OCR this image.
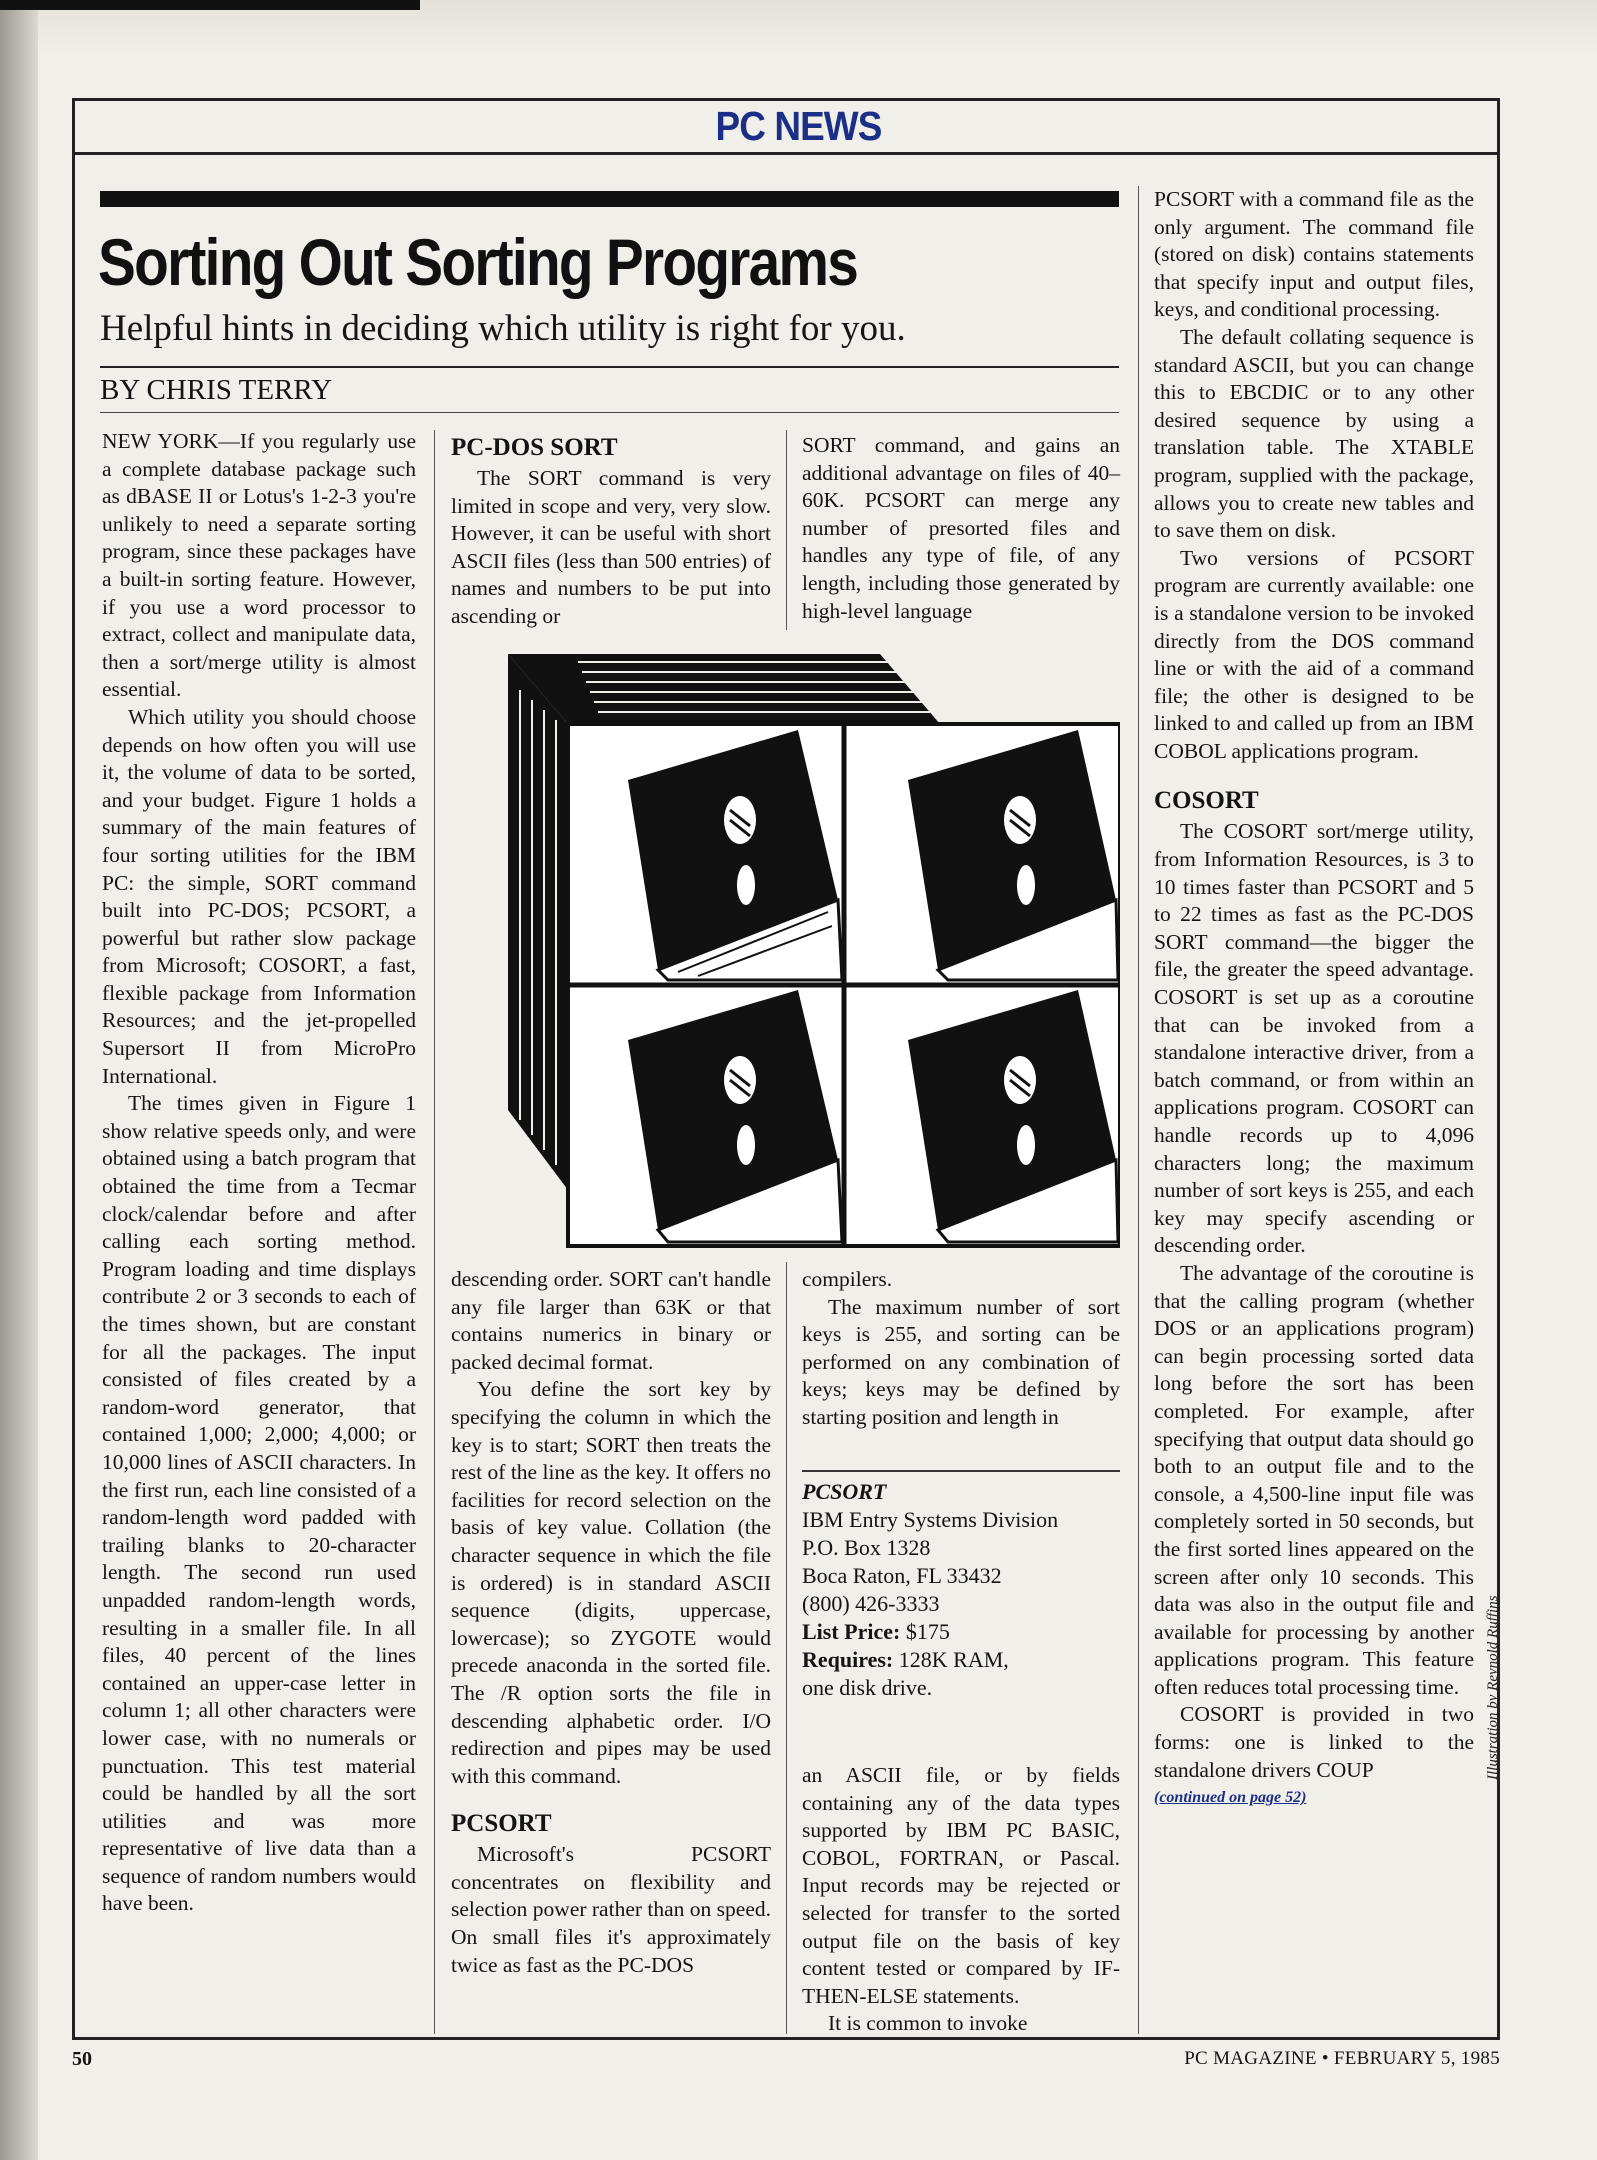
PC NEWS
Sorting Out Sorting Programs
Helpful hints in deciding which utility is right for you.
BY CHRIS TERRY

NEW YORK—If you regularly use a complete database package such as dBASE II or Lotus's 1-2-3 you're unlikely to need a separate sorting program, since these packages have a built-in sorting feature. However, if you use a word processor to extract, collect and manipulate data, then a sort/merge utility is almost essential.

Which utility you should choose depends on how often you will use it, the volume of data to be sorted, and your budget. Figure 1 holds a summary of the main features of four sorting utilities for the IBM PC: the simple, SORT command built into PC-DOS; PCSORT, a powerful but rather slow package from Microsoft; COSORT, a fast, flexible package from Information Resources; and the jet-propelled Supersort II from MicroPro International.

The times given in Figure 1 show relative speeds only, and were obtained using a batch program that obtained the time from a Tecmar clock/calendar before and after calling each sorting method. Program loading and time displays contribute 2 or 3 seconds to each of the times shown, but are constant for all the packages. The input consisted of files created by a random-word generator, that contained 1,000; 2,000; 4,000; or 10,000 lines of ASCII characters. In the first run, each line consisted of a random-length word padded with trailing blanks to 20-character length. The second run used unpadded random-length words, resulting in a smaller file. In all files, 40 percent of the lines contained an upper-case letter in column 1; all other characters were lower case, with no numerals or punctuation. This test material could be handled by all the sort utilities and was more representative of live data than a sequence of random numbers would have been.

PC-DOS SORT

The SORT command is very limited in scope and very, very slow. However, it can be useful with short ASCII files (less than 500 entries) of names and numbers to be put into ascending or

SORT command, and gains an additional advantage on files of 40–60K. PCSORT can merge any number of presorted files and handles any type of file, of any length, including those generated by high-level language

descending order. SORT can't handle any file larger than 63K or that contains numerics in binary or packed decimal format.

You define the sort key by specifying the column in which the key is to start; SORT then treats the rest of the line as the key. It offers no facilities for record selection on the basis of key value. Collation (the character sequence in which the file is ordered) is in standard ASCII sequence (digits, uppercase, lowercase); so ZYGOTE would precede anaconda in the sorted file. The /R option sorts the file in descending alphabetic order. I/O redirection and pipes may be used with this command.

PCSORT

Microsoft's PCSORT concentrates on flexibility and selection power rather than on speed. On small files it's approximately twice as fast as the PC-DOS

compilers.

The maximum number of sort keys is 255, and sorting can be performed on any combination of keys; keys may be defined by starting position and length in

PCSORT
IBM Entry Systems Division
P.O. Box 1328
Boca Raton, FL 33432
(800) 426-3333
List Price: $175
Requires: 128K RAM,
one disk drive.

an ASCII file, or by fields containing any of the data types supported by IBM PC BASIC, COBOL, FORTRAN, or Pascal. Input records may be rejected or selected for transfer to the sorted output file on the basis of key content tested or compared by IF-THEN-ELSE statements.

It is common to invoke

PCSORT with a command file as the only argument. The command file (stored on disk) contains statements that specify input and output files, keys, and conditional processing.

The default collating sequence is standard ASCII, but you can change this to EBCDIC or to any other desired sequence by using a translation table. The XTABLE program, supplied with the package, allows you to create new tables and to save them on disk.

Two versions of PCSORT program are currently available: one is a standalone version to be invoked directly from the DOS command line or with the aid of a command file; the other is designed to be linked to and called up from an IBM COBOL applications program.

COSORT

The COSORT sort/merge utility, from Information Resources, is 3 to 10 times faster than PCSORT and 5 to 22 times as fast as the PC-DOS SORT command—the bigger the file, the greater the speed advantage. COSORT is set up as a coroutine that can be invoked from a standalone interactive driver, from a batch command, or from within an applications program. COSORT can handle records up to 4,096 characters long; the maximum number of sort keys is 255, and each key may specify ascending or descending order.

The advantage of the coroutine is that the calling program (whether DOS or an applications program) can begin processing sorted data long before the sort has been completed. For example, after specifying that output data should go both to an output file and to the console, a 4,500-line input file was completely sorted in 50 seconds, but the first sorted lines appeared on the screen after only 10 seconds. This data was also in the output file and available for processing by another applications program. This feature often reduces total processing time.

COSORT is provided in two forms: one is linked to the standalone drivers COUP

(continued on page 52)
Illustration by Reynold Ruffins
50	PC MAGAZINE • FEBRUARY 5, 1985
